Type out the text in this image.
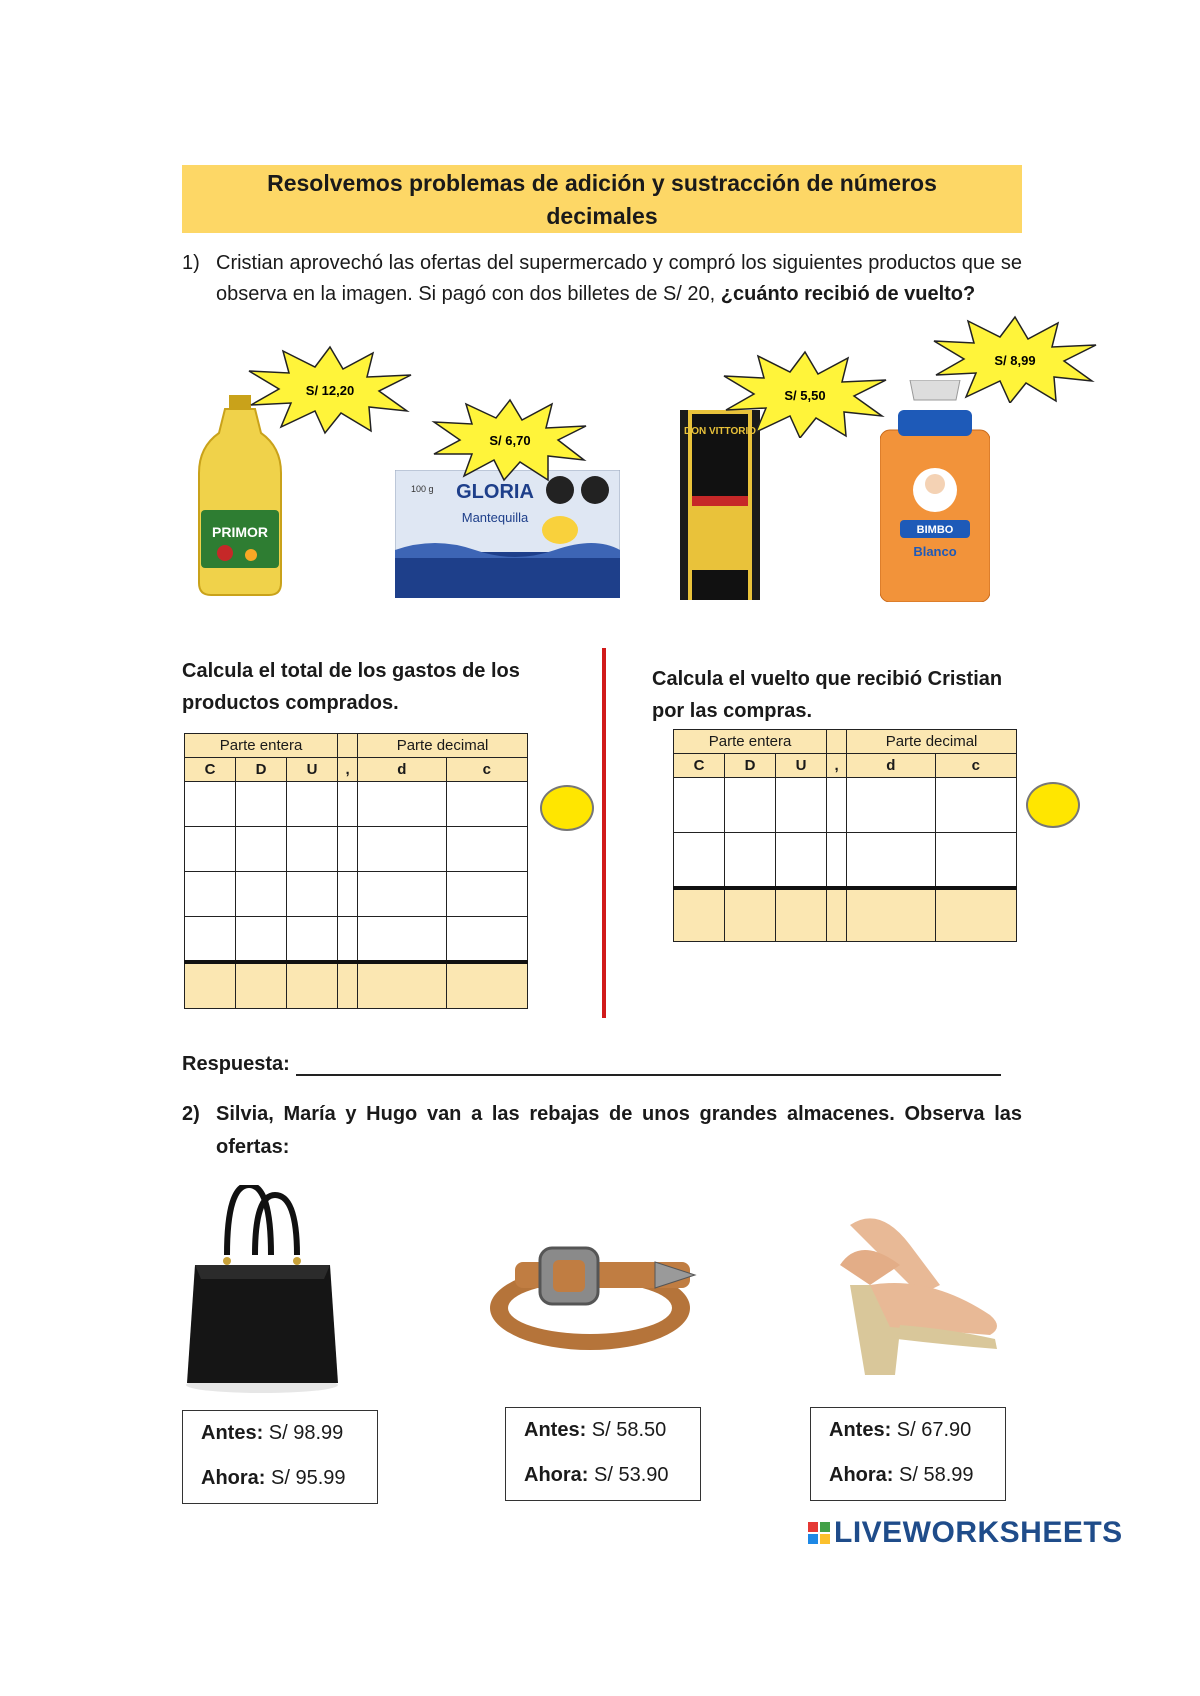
Resolvemos problemas de adición y sustracción de números
decimales
1) Cristian aprovechó las ofertas del supermercado y compró los siguientes productos que se observa en la imagen. Si pagó con dos billetes de S/ 20, ¿cuánto recibió de vuelto?

PRIMOR
S/ 12,20
100 g GLORIA
Mantequilla
S/ 6,70
DON VITTORIO
S/ 5,50
BIMBO
Blanco
S/ 8,99
Calcula el total de los gastos de los productos comprados.
Parte entera				Parte decimal	
C	D	U	,	d	c

Calcula el vuelto que recibió Cristian por las compras.
Parte entera				Parte decimal	
C	D	U	,	d	c

Respuesta:
2) Silvia, María y Hugo van a las rebajas de unos grandes almacenes. Observa las ofertas:

Antes: S/ 98.99
Ahora: S/ 95.99
Antes: S/ 58.50
Ahora: S/ 53.90
Antes: S/ 67.90
Ahora: S/ 58.99
LIVEWORKSHEETS
